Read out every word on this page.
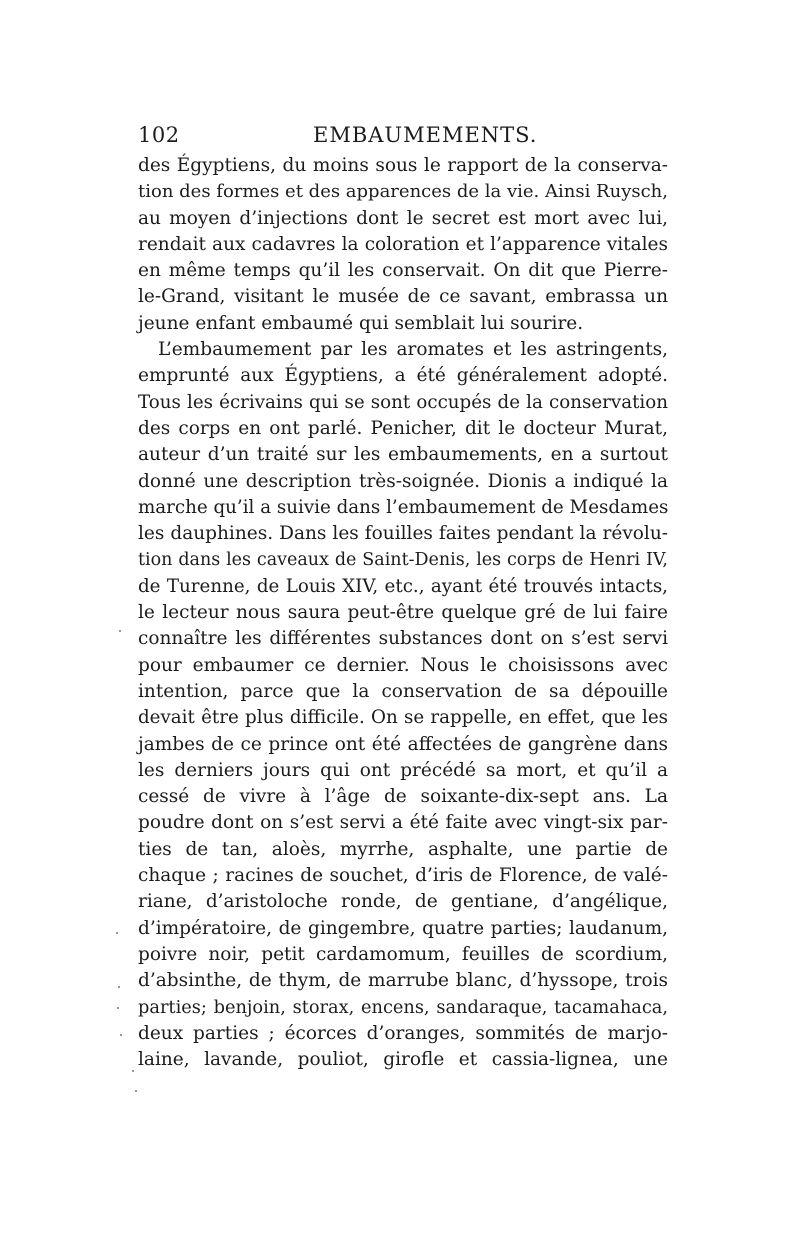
102	EMBAUMEMENTS.
des Égyptiens, du moins sous le rapport de la conserva-
tion des formes et des apparences de la vie. Ainsi Ruysch,
au moyen d’injections dont le secret est mort avec lui,
rendait aux cadavres la coloration et l’apparence vitales
en même temps qu’il les conservait. On dit que Pierre-
le-Grand, visitant le musée de ce savant, embrassa un
jeune enfant embaumé qui semblait lui sourire.
L’embaumement par les aromates et les astringents,
emprunté aux Égyptiens, a été généralement adopté.
Tous les écrivains qui se sont occupés de la conservation
des corps en ont parlé. Penicher, dit le docteur Murat,
auteur d’un traité sur les embaumements, en a surtout
donné une description très-soignée. Dionis a indiqué la
marche qu’il a suivie dans l’embaumement de Mesdames
les dauphines. Dans les fouilles faites pendant la révolu-
tion dans les caveaux de Saint-Denis, les corps de Henri IV,
de Turenne, de Louis XIV, etc., ayant été trouvés intacts,
le lecteur nous saura peut-être quelque gré de lui faire
connaître les différentes substances dont on s’est servi
pour embaumer ce dernier. Nous le choisissons avec
intention, parce que la conservation de sa dépouille
devait être plus difficile. On se rappelle, en effet, que les
jambes de ce prince ont été affectées de gangrène dans
les derniers jours qui ont précédé sa mort, et qu’il a
cessé de vivre à l’âge de soixante-dix-sept ans. La
poudre dont on s’est servi a été faite avec vingt-six par-
ties de tan, aloès, myrrhe, asphalte, une partie de
chaque ; racines de souchet, d’iris de Florence, de valé-
riane, d’aristoloche ronde, de gentiane, d’angélique,
d’impératoire, de gingembre, quatre parties; laudanum,
poivre noir, petit cardamomum, feuilles de scordium,
d’absinthe, de thym, de marrube blanc, d’hyssope, trois
parties; benjoin, storax, encens, sandaraque, tacamahaca,
deux parties ; écorces d’oranges, sommités de marjo-
laine, lavande, pouliot, girofle et cassia-lignea, une
